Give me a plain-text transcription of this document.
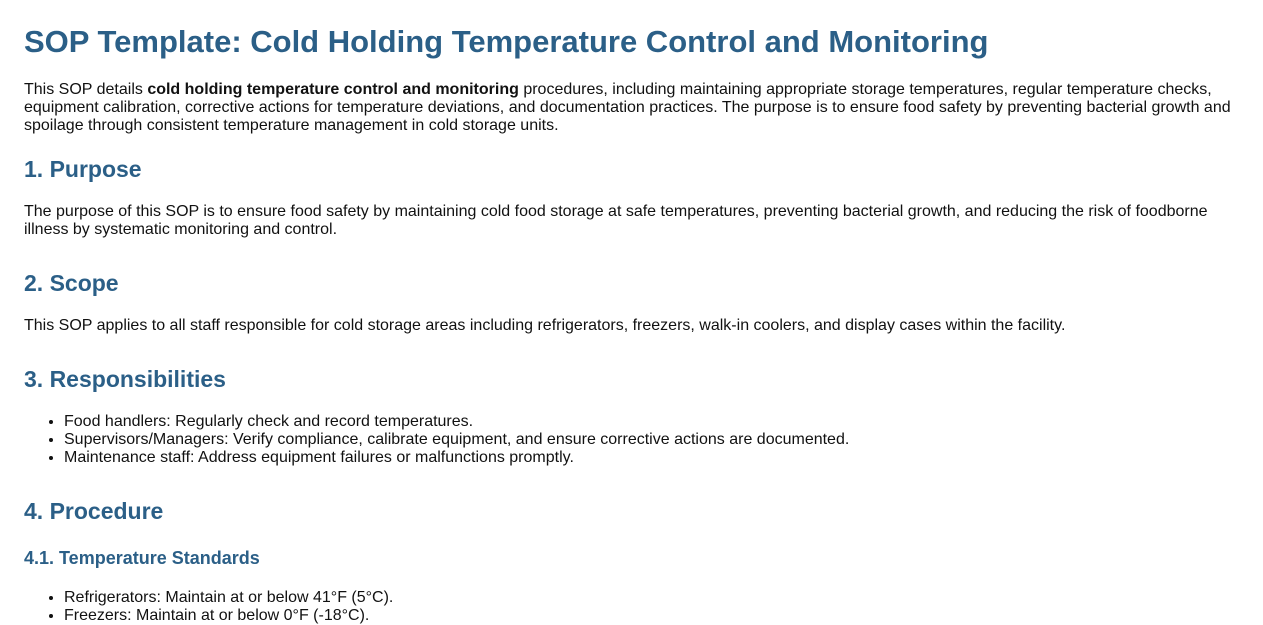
SOP Template: Cold Holding Temperature Control and Monitoring

This SOP details cold holding temperature control and monitoring procedures, including maintaining appropriate storage temperatures, regular temperature checks, equipment calibration, corrective actions for temperature deviations, and documentation practices. The purpose is to ensure food safety by preventing bacterial growth and spoilage through consistent temperature management in cold storage units.

1. Purpose

The purpose of this SOP is to ensure food safety by maintaining cold food storage at safe temperatures, preventing bacterial growth, and reducing the risk of foodborne illness by systematic monitoring and control.

2. Scope

This SOP applies to all staff responsible for cold storage areas including refrigerators, freezers, walk-in coolers, and display cases within the facility.

3. Responsibilities
• Food handlers: Regularly check and record temperatures.
• Supervisors/Managers: Verify compliance, calibrate equipment, and ensure corrective actions are documented.
• Maintenance staff: Address equipment failures or malfunctions promptly.
4. Procedure
4.1. Temperature Standards
• Refrigerators: Maintain at or below 41°F (5°C).
• Freezers: Maintain at or below 0°F (-18°C).
